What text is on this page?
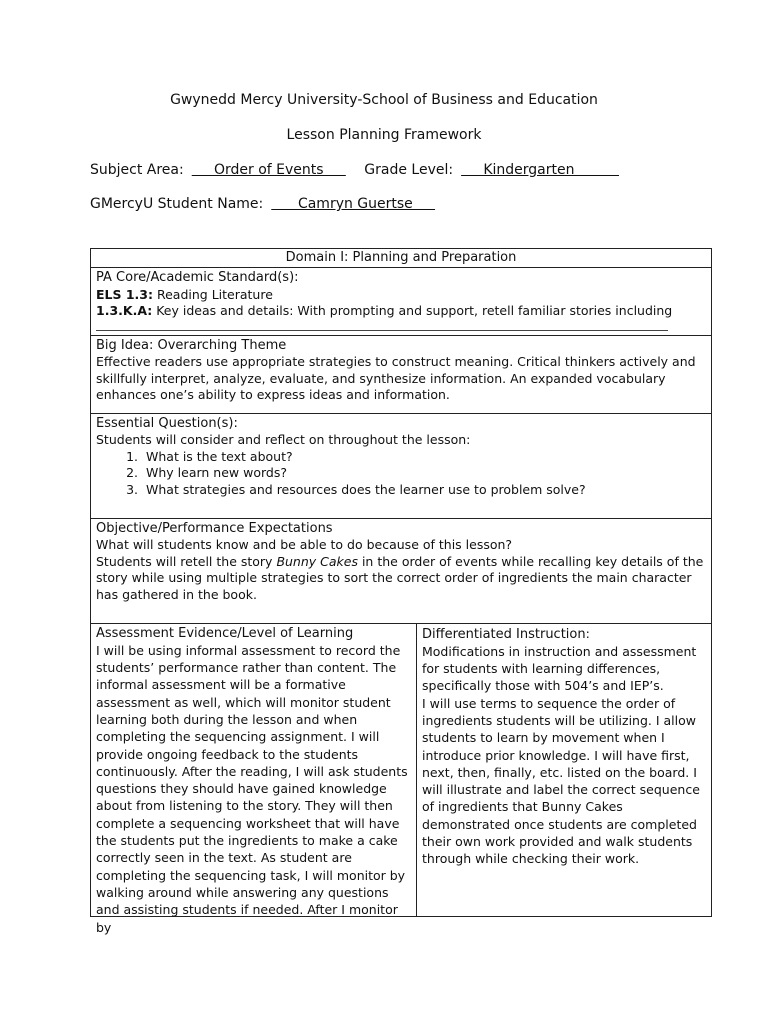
Gwynedd Mercy University-School of Business and Education
Lesson Planning Framework
Subject Area:     Order of Events      Grade Level:     Kindergarten
GMercyU Student Name:      Camryn Guertse
Domain I: Planning and Preparation
PA Core/Academic Standard(s):
ELS 1.3: Reading Literature
1.3.K.A: Key ideas and details: With prompting and support, retell familiar stories including
Big Idea: Overarching Theme
Effective readers use appropriate strategies to construct meaning. Critical thinkers actively and skillfully interpret, analyze, evaluate, and synthesize information. An expanded vocabulary enhances one’s ability to express ideas and information.
Essential Question(s):
Students will consider and reflect on throughout the lesson:
1. What is the text about?
2. Why learn new words?
3. What strategies and resources does the learner use to problem solve?
Objective/Performance Expectations
What will students know and be able to do because of this lesson?
Students will retell the story Bunny Cakes in the order of events while recalling key details of the story while using multiple strategies to sort the correct order of ingredients the main character has gathered in the book.
Assessment Evidence/Level of Learning
I will be using informal assessment to record the students’ performance rather than content. The informal assessment will be a formative assessment as well, which will monitor student learning both during the lesson and when completing the sequencing assignment. I will provide ongoing feedback to the students continuously. After the reading, I will ask students questions they should have gained knowledge about from listening to the story. They will then complete a sequencing worksheet that will have the students put the ingredients to make a cake correctly seen in the text. As student are completing the sequencing task, I will monitor by walking around while answering any questions and assisting students if needed. After I monitor by
Differentiated Instruction:
Modifications in instruction and assessment for students with learning differences, specifically those with 504’s and IEP’s.
I will use terms to sequence the order of ingredients students will be utilizing. I allow students to learn by movement when I introduce prior knowledge. I will have first, next, then, finally, etc. listed on the board. I will illustrate and label the correct sequence of ingredients that Bunny Cakes demonstrated once students are completed their own work provided and walk students through while checking their work.
